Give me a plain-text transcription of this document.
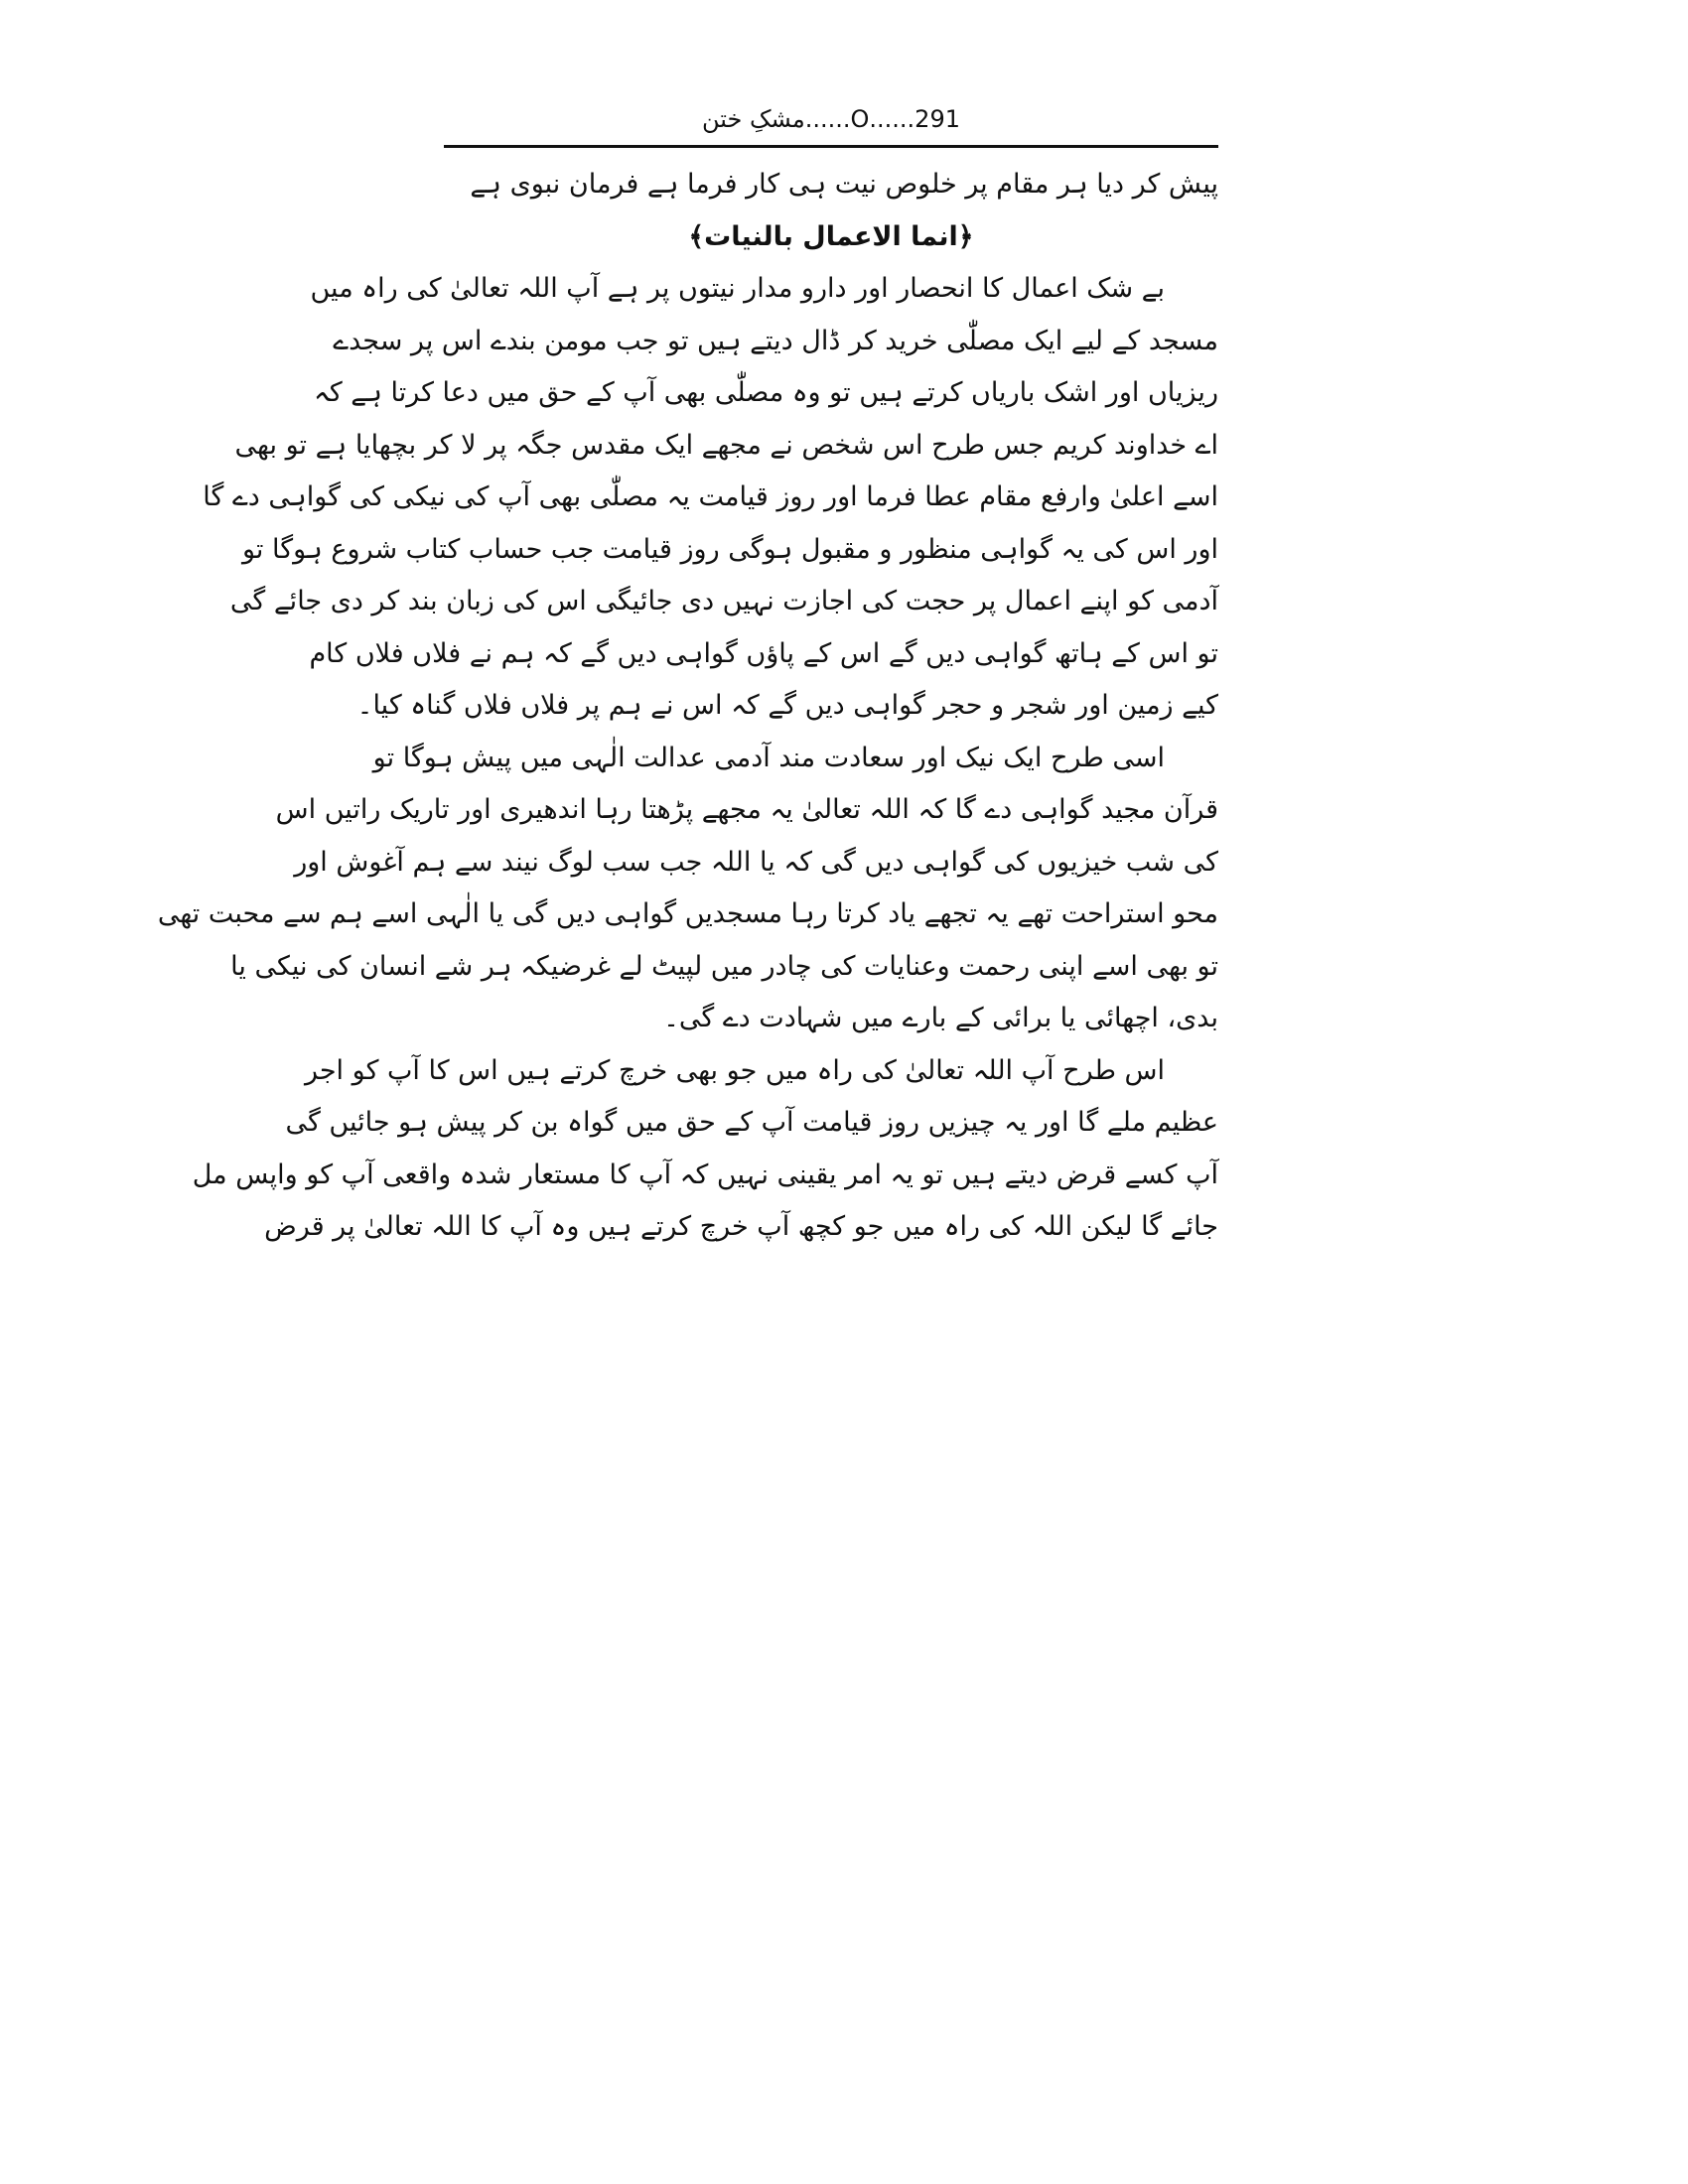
291......O......مشکِ ختن
پیش کر دیا ہر مقام پر خلوص نیت ہی کار فرما ہے فرمان نبوی ہے
﴿انما الاعمال بالنیات﴾
بے شک اعمال کا انحصار اور دارو مدار نیتوں پر ہے آپ اللہ تعالیٰ کی راہ میں
مسجد کے لیے ایک مصلّٰی خرید کر ڈال دیتے ہیں تو جب مومن بندے اس پر سجدے
ریزیاں اور اشک باریاں کرتے ہیں تو وہ مصلّٰی بھی آپ کے حق میں دعا کرتا ہے کہ
اے خداوند کریم جس طرح اس شخص نے مجھے ایک مقدس جگہ پر لا کر بچھایا ہے تو بھی
اسے اعلیٰ وارفع مقام عطا فرما اور روز قیامت یہ مصلّٰی بھی آپ کی نیکی کی گواہی دے گا
اور اس کی یہ گواہی منظور و مقبول ہوگی روز قیامت جب حساب کتاب شروع ہوگا تو
آدمی کو اپنے اعمال پر حجت کی اجازت نہیں دی جائیگی اس کی زبان بند کر دی جائے گی
تو اس کے ہاتھ گواہی دیں گے اس کے پاؤں گواہی دیں گے کہ ہم نے فلاں فلاں کام
کیے زمین اور شجر و حجر گواہی دیں گے کہ اس نے ہم پر فلاں فلاں گناہ کیا۔
اسی طرح ایک نیک اور سعادت مند آدمی عدالت الٰہی میں پیش ہوگا تو
قرآن مجید گواہی دے گا کہ اللہ تعالیٰ یہ مجھے پڑھتا رہا اندھیری اور تاریک راتیں اس
کی شب خیزیوں کی گواہی دیں گی کہ یا اللہ جب سب لوگ نیند سے ہم آغوش اور
محو استراحت تھے یہ تجھے یاد کرتا رہا مسجدیں گواہی دیں گی یا الٰہی اسے ہم سے محبت تھی
تو بھی اسے اپنی رحمت وعنایات کی چادر میں لپیٹ لے غرضیکہ ہر شے انسان کی نیکی یا
بدی، اچھائی یا برائی کے بارے میں شہادت دے گی۔
اس طرح آپ اللہ تعالیٰ کی راہ میں جو بھی خرچ کرتے ہیں اس کا آپ کو اجر
عظیم ملے گا اور یہ چیزیں روز قیامت آپ کے حق میں گواہ بن کر پیش ہو جائیں گی
آپ کسے قرض دیتے ہیں تو یہ امر یقینی نہیں کہ آپ کا مستعار شدہ واقعی آپ کو واپس مل
جائے گا لیکن اللہ کی راہ میں جو کچھ آپ خرچ کرتے ہیں وہ آپ کا اللہ تعالیٰ پر قرض
